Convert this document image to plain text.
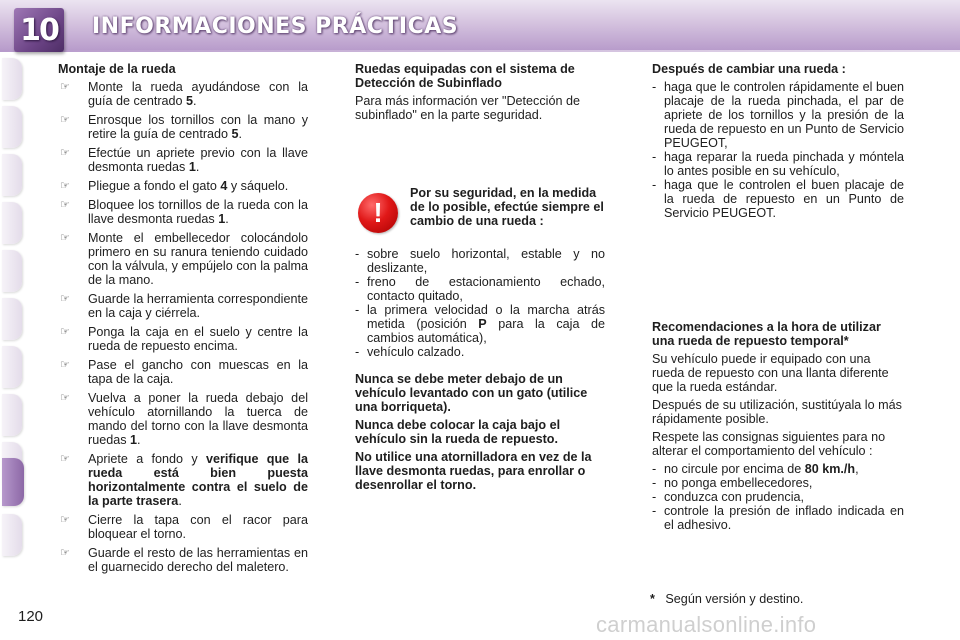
10 INFORMACIONES PRÁCTICAS
Montaje de la rueda
☞ Monte la rueda ayudándose con la guía de centrado 5.
☞ Enrosque los tornillos con la mano y retire la guía de centrado 5.
☞ Efectúe un apriete previo con la llave desmonta ruedas 1.
☞ Pliegue a fondo el gato 4 y sáquelo.
☞ Bloquee los tornillos de la rueda con la llave desmonta ruedas 1.
☞ Monte el embellecedor colocándolo primero en su ranura teniendo cuidado con la válvula, y empújelo con la palma de la mano.
☞ Guarde la herramienta correspondiente en la caja y ciérrela.
☞ Ponga la caja en el suelo y centre la rueda de repuesto encima.
☞ Pase el gancho con muescas en la tapa de la caja.
☞ Vuelva a poner la rueda debajo del vehículo atornillando la tuerca de mando del torno con la llave desmonta ruedas 1.
☞ Apriete a fondo y verifique que la rueda está bien puesta horizontalmente contra el suelo de la parte trasera.
☞ Cierre la tapa con el racor para bloquear el torno.
☞ Guarde el resto de las herramientas en el guarnecido derecho del maletero.
Ruedas equipadas con el sistema de Detección de Subinflado

Para más información ver "Detección de subinflado" en la parte seguridad.

!
Por su seguridad, en la medida de lo posible, efectúe siempre el cambio de una rueda :
- sobre suelo horizontal, estable y no deslizante,
- freno de estacionamiento echado, contacto quitado,
- la primera velocidad o la marcha atrás metida (posición P para la caja de cambios automática),
- vehículo calzado.

Nunca se debe meter debajo de un vehículo levantado con un gato (utilice una borriqueta).

Nunca debe colocar la caja bajo el vehículo sin la rueda de repuesto.

No utilice una atornilladora en vez de la llave desmonta ruedas, para enrollar o desenrollar el torno.

Después de cambiar una rueda :
- haga que le controlen rápidamente el buen placaje de la rueda pinchada, el par de apriete de los tornillos y la presión de la rueda de repuesto en un Punto de Servicio PEUGEOT,
- haga reparar la rueda pinchada y móntela lo antes posible en su vehículo,
- haga que le controlen el buen placaje de la rueda de repuesto en un Punto de Servicio PEUGEOT.
Recomendaciones a la hora de utilizar una rueda de repuesto temporal*

Su vehículo puede ir equipado con una rueda de repuesto con una llanta diferente que la rueda estándar.

Después de su utilización, sustitúyala lo más rápidamente posible.

Respete las consignas siguientes para no alterar el comportamiento del vehículo :

- no circule por encima de 80 km./h,
- no ponga embellecedores,
- conduzca con prudencia,
- controle la presión de inflado indicada en el adhesivo.
* Según versión y destino.
120	carmanualsonline.info
